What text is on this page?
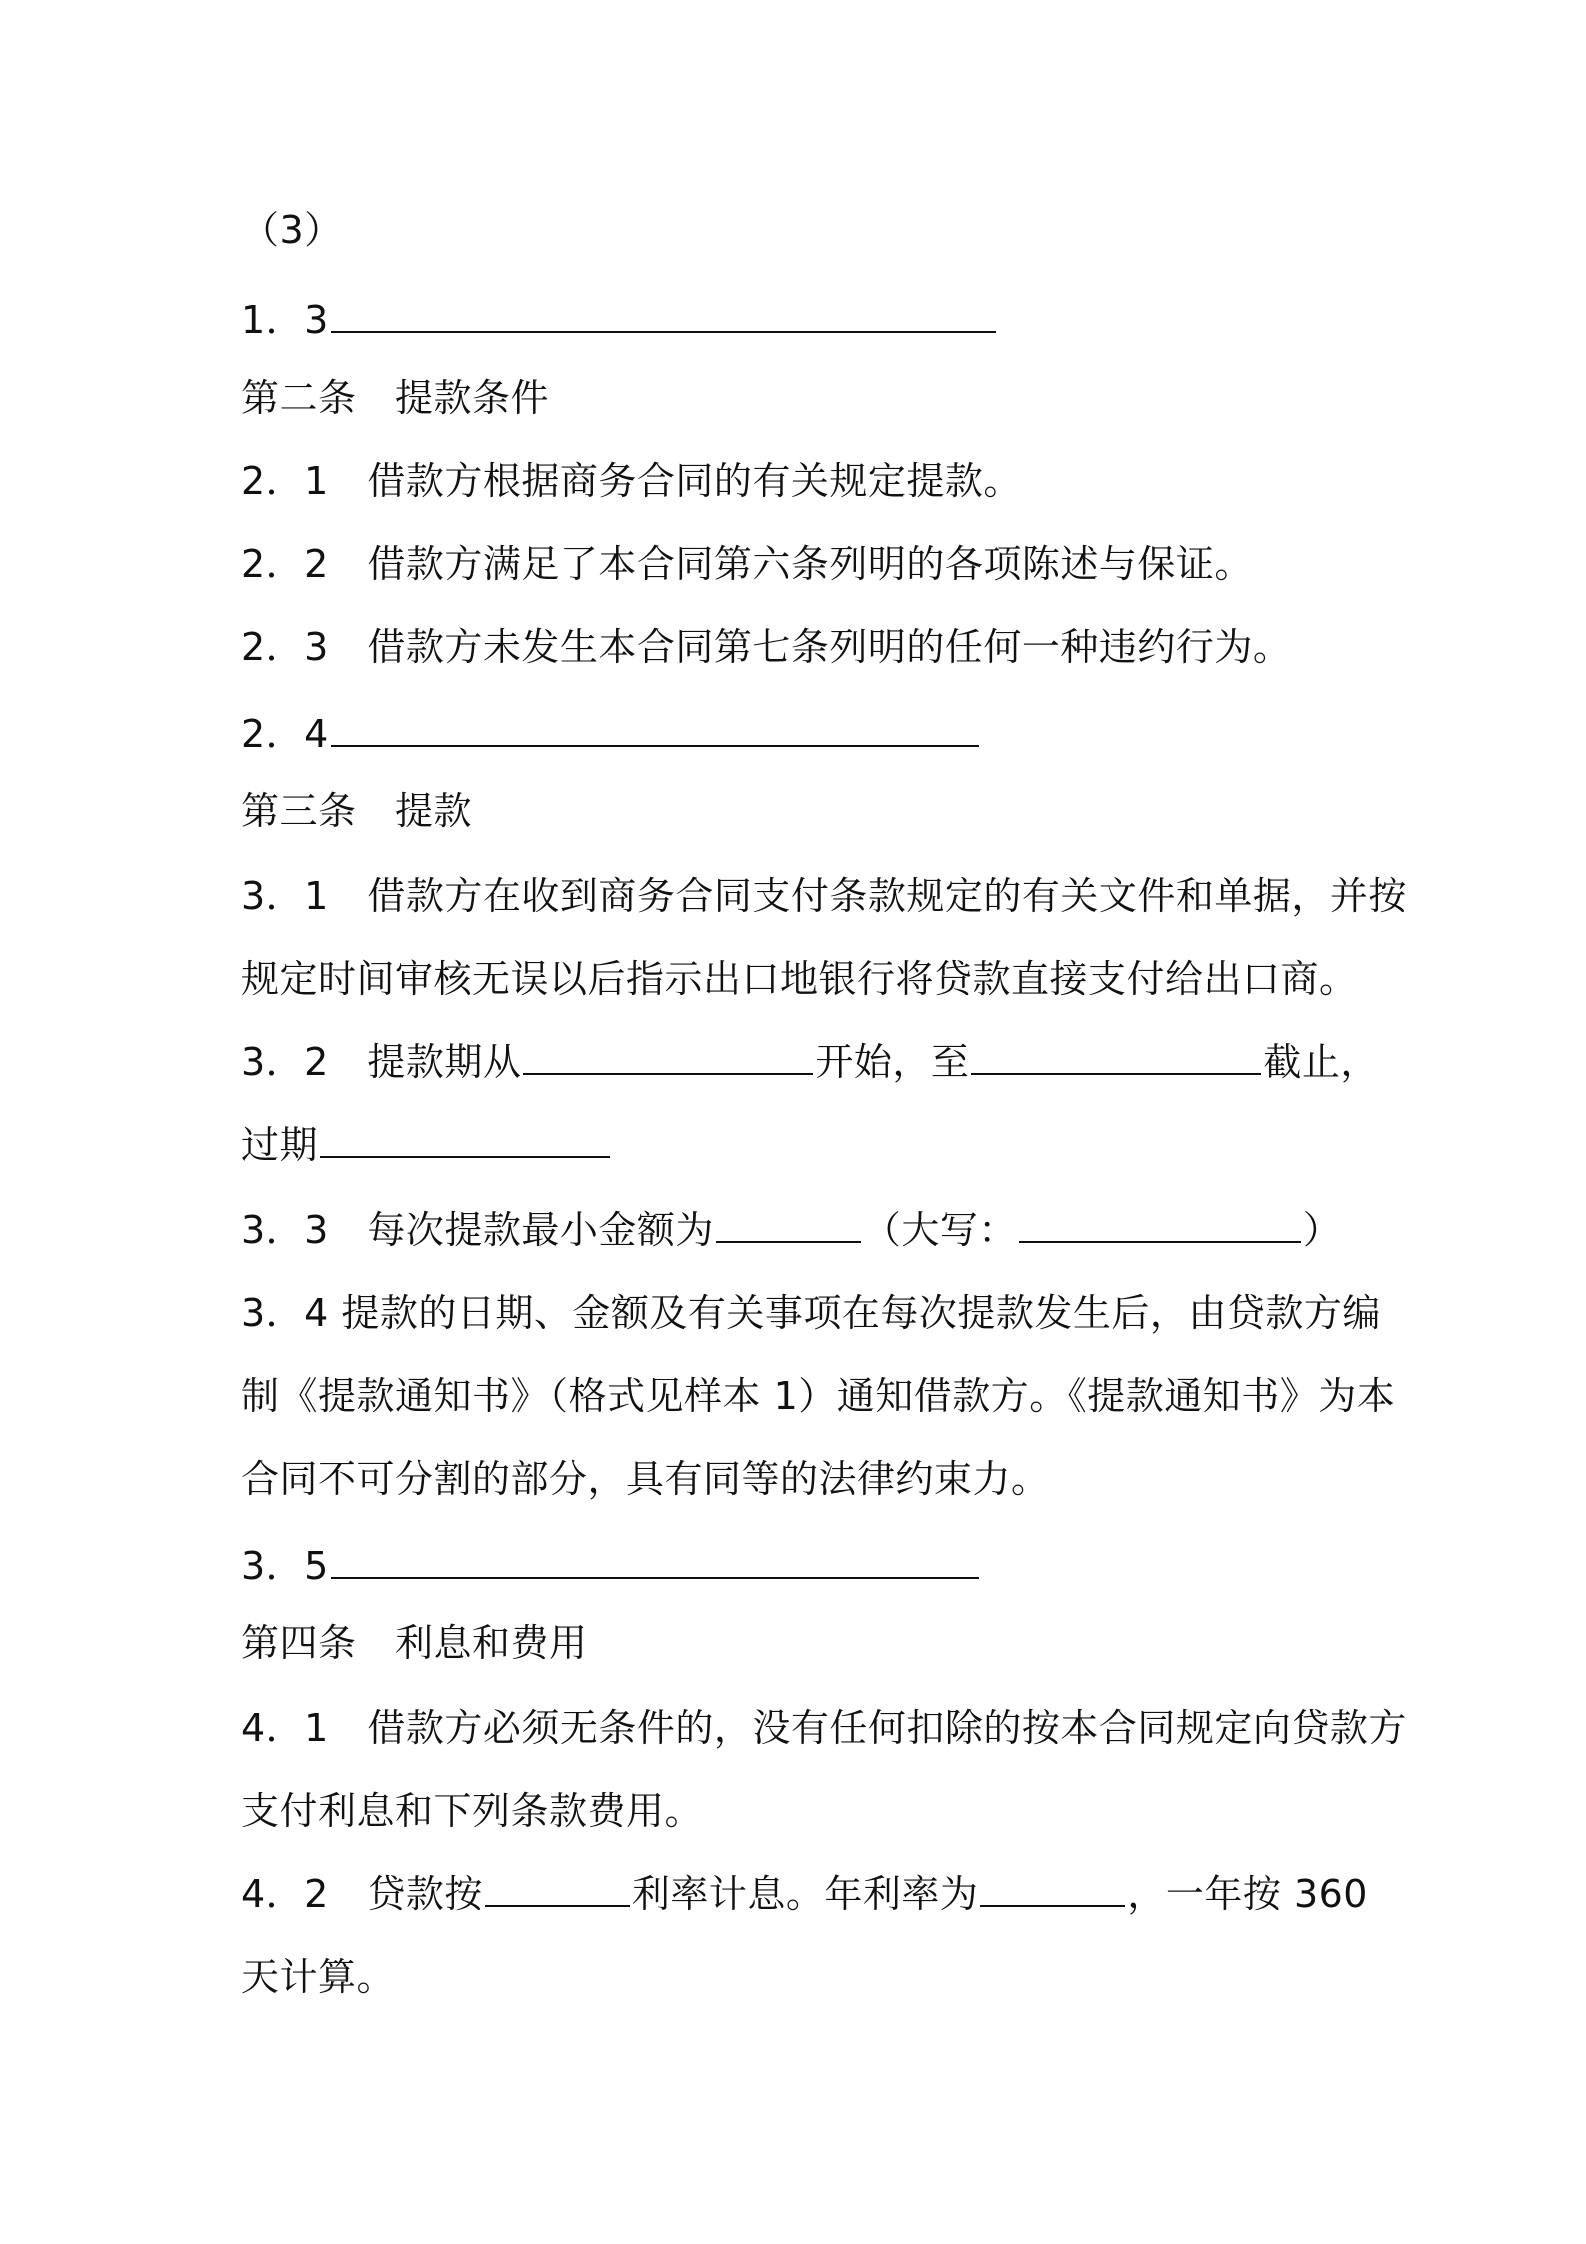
（3）
1．3
第二条　提款条件
2．1　借款方根据商务合同的有关规定提款。
2．2　借款方满足了本合同第六条列明的各项陈述与保证。
2．3　借款方未发生本合同第七条列明的任何一种违约行为。
2．4
第三条　提款
3．1　借款方在收到商务合同支付条款规定的有关文件和单据，并按
规定时间审核无误以后指示出口地银行将贷款直接支付给出口商。
3．2　提款期从	开始，至	截止，
过期
3．3　每次提款最小金额为	（大写：	）
3．4 提款的日期、金额及有关事项在每次提款发生后，由贷款方编
制《提款通知书》（格式见样本 1）通知借款方。《提款通知书》为本
合同不可分割的部分，具有同等的法律约束力。
3．5
第四条　利息和费用
4．1　借款方必须无条件的，没有任何扣除的按本合同规定向贷款方
支付利息和下列条款费用。
4．2　贷款按	利率计息。年利率为	，一年按 360
天计算。
